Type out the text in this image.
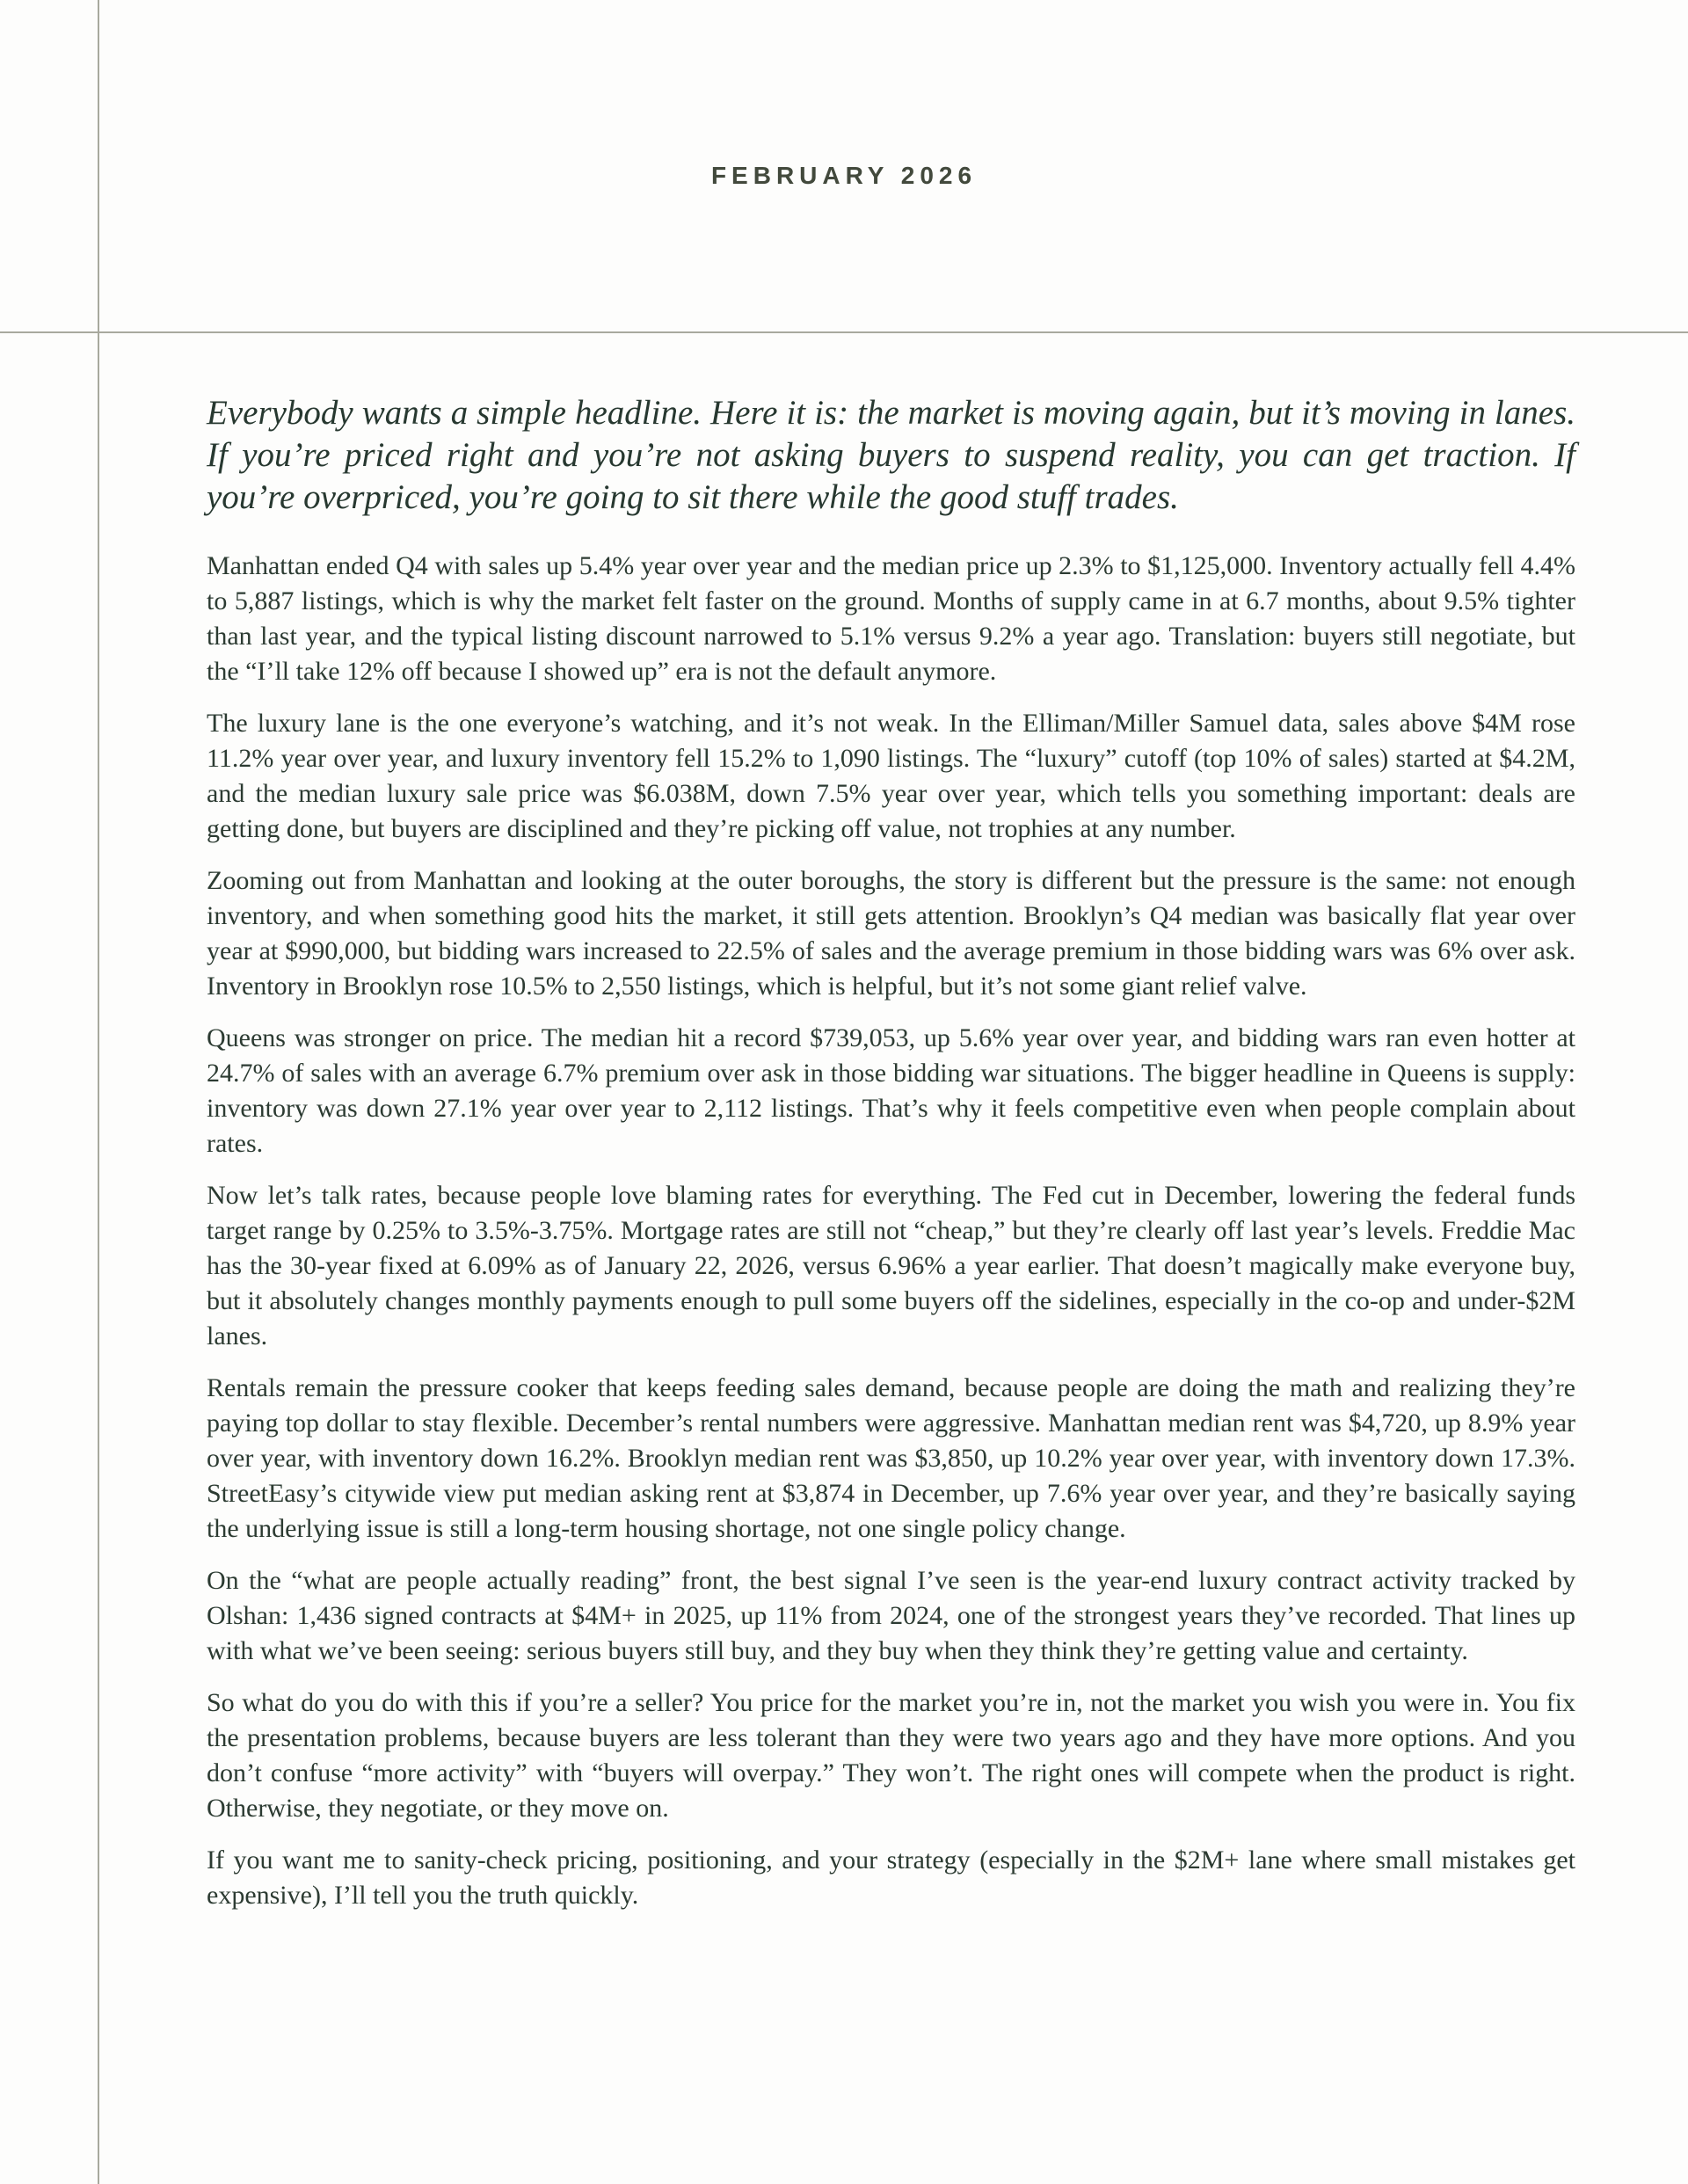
FEBRUARY 2026

Everybody wants a simple headline. Here it is: the market is moving again, but it’s moving in lanes. If you’re priced right and you’re not asking buyers to suspend reality, you can get traction. If you’re overpriced, you’re going to sit there while the good stuff trades.

Manhattan ended Q4 with sales up 5.4% year over year and the median price up 2.3% to $1,125,000. Inventory actually fell 4.4% to 5,887 listings, which is why the market felt faster on the ground. Months of supply came in at 6.7 months, about 9.5% tighter than last year, and the typical listing discount narrowed to 5.1% versus 9.2% a year ago. Translation: buyers still negotiate, but the “I’ll take 12% off because I showed up” era is not the default anymore.

The luxury lane is the one everyone’s watching, and it’s not weak. In the Elliman/Miller Samuel data, sales above $4M rose 11.2% year over year, and luxury inventory fell 15.2% to 1,090 listings. The “luxury” cutoff (top 10% of sales) started at $4.2M, and the median luxury sale price was $6.038M, down 7.5% year over year, which tells you something important: deals are getting done, but buyers are disciplined and they’re picking off value, not trophies at any number.

Zooming out from Manhattan and looking at the outer boroughs, the story is different but the pressure is the same: not enough inventory, and when something good hits the market, it still gets attention. Brooklyn’s Q4 median was basically flat year over year at $990,000, but bidding wars increased to 22.5% of sales and the average premium in those bidding wars was 6% over ask. Inventory in Brooklyn rose 10.5% to 2,550 listings, which is helpful, but it’s not some giant relief valve.

Queens was stronger on price. The median hit a record $739,053, up 5.6% year over year, and bidding wars ran even hotter at 24.7% of sales with an average 6.7% premium over ask in those bidding war situations. The bigger headline in Queens is supply: inventory was down 27.1% year over year to 2,112 listings. That’s why it feels competitive even when people complain about rates.

Now let’s talk rates, because people love blaming rates for everything. The Fed cut in December, lowering the federal funds target range by 0.25% to 3.5%-3.75%. Mortgage rates are still not “cheap,” but they’re clearly off last year’s levels. Freddie Mac has the 30-year fixed at 6.09% as of January 22, 2026, versus 6.96% a year earlier. That doesn’t magically make everyone buy, but it absolutely changes monthly payments enough to pull some buyers off the sidelines, especially in the co-op and under-$2M lanes.

Rentals remain the pressure cooker that keeps feeding sales demand, because people are doing the math and realizing they’re paying top dollar to stay flexible. December’s rental numbers were aggressive. Manhattan median rent was $4,720, up 8.9% year over year, with inventory down 16.2%. Brooklyn median rent was $3,850, up 10.2% year over year, with inventory down 17.3%. StreetEasy’s citywide view put median asking rent at $3,874 in December, up 7.6% year over year, and they’re basically saying the underlying issue is still a long-term housing shortage, not one single policy change.

On the “what are people actually reading” front, the best signal I’ve seen is the year-end luxury contract activity tracked by Olshan: 1,436 signed contracts at $4M+ in 2025, up 11% from 2024, one of the strongest years they’ve recorded. That lines up with what we’ve been seeing: serious buyers still buy, and they buy when they think they’re getting value and certainty.

So what do you do with this if you’re a seller? You price for the market you’re in, not the market you wish you were in. You fix the presentation problems, because buyers are less tolerant than they were two years ago and they have more options. And you don’t confuse “more activity” with “buyers will overpay.” They won’t. The right ones will compete when the product is right. Otherwise, they negotiate, or they move on.

If you want me to sanity-check pricing, positioning, and your strategy (especially in the $2M+ lane where small mistakes get expensive), I’ll tell you the truth quickly.
